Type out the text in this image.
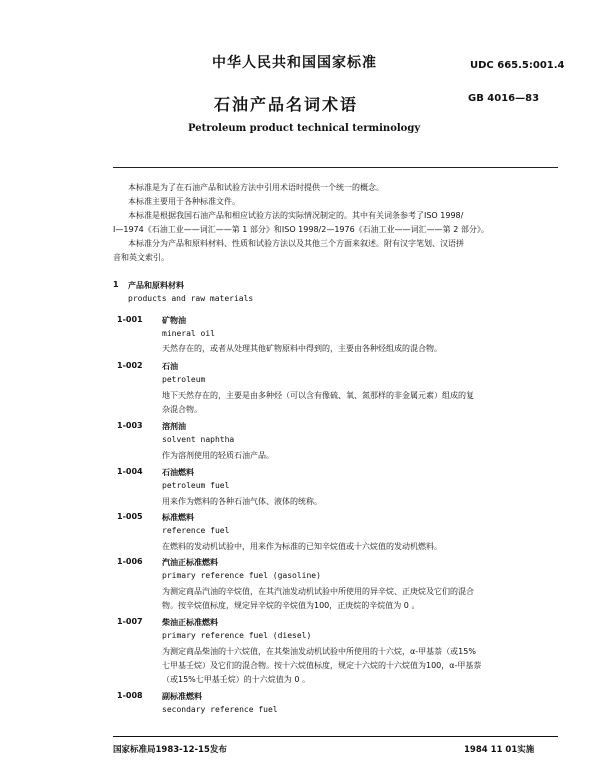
中华人民共和国国家标准	UDC 665.5:001.4
石油产品名词术语	GB 4016—83
Petroleum product technical terminology
本标准是为了在石油产品和试验方法中引用术语时提供一个统一的概念。
本标准主要用于各种标准文件。
本标准是根据我国石油产品和相应试验方法的实际情况制定的。其中有关词条参考了ISO 1998/
I—1974《石油工业——词汇——第 1 部分》和ISO 1998/2—1976《石油工业——词汇——第 2 部分》。
本标准分为产品和原料材料、性质和试验方法以及其他三个方面来叙述。附有汉字笔划、汉语拼
音和英文索引。
1 产品和原料材料
products and raw materials
1-001 矿物油
mineral oil
天然存在的，或者从处理其他矿物原料中得到的，主要由各种烃组成的混合物。
1-002 石油
petroleum
地下天然存在的，主要是由多种烃（可以含有像硫、氧、氮那样的非金属元素）组成的复
杂混合物。
1-003 溶剂油
solvent naphtha
作为溶剂使用的轻质石油产品。
1-004 石油燃料
petroleum fuel
用来作为燃料的各种石油气体、液体的统称。
1-005 标准燃料
reference fuel
在燃料的发动机试验中，用来作为标准的已知辛烷值或十六烷值的发动机燃料。
1-006 汽油正标准燃料
primary reference fuel (gasoline)
为测定商品汽油的辛烷值，在其汽油发动机试验中所使用的异辛烷、正庚烷及它们的混合
物。按辛烷值标度，规定异辛烷的辛烷值为100，正庚烷的辛烷值为 0 。
1-007 柴油正标准燃料
primary reference fuel (diesel)
为测定商品柴油的十六烷值，在其柴油发动机试验中所使用的十六烷，α-甲基萘（或15%
七甲基壬烷）及它们的混合物。按十六烷值标度，规定十六烷的十六烷值为100，α-甲基萘
（或15%七甲基壬烷）的十六烷值为 0 。
1-008 副标准燃料
secondary reference fuel
国家标准局1983-12-15发布	1984 11 01实施
